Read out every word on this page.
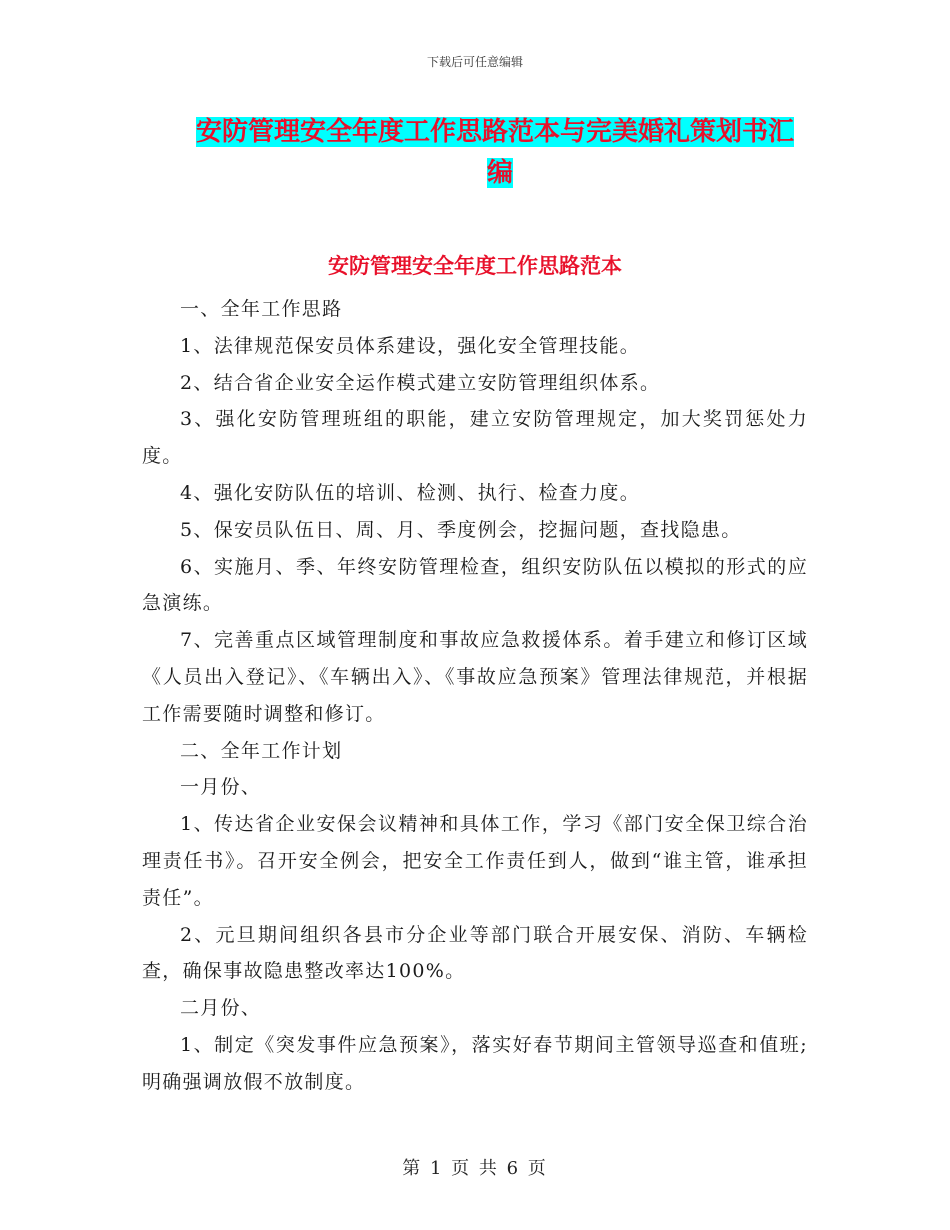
下载后可任意编辑
安防管理安全年度工作思路范本与完美婚礼策划书汇
编
安防管理安全年度工作思路范本

一、全年工作思路

1、法律规范保安员体系建设，强化安全管理技能。

2、结合省企业安全运作模式建立安防管理组织体系。

3、强化安防管理班组的职能，建立安防管理规定，加大奖罚惩处力度。

4、强化安防队伍的培训、检测、执行、检查力度。

5、保安员队伍日、周、月、季度例会，挖掘问题，查找隐患。

6、实施月、季、年终安防管理检查，组织安防队伍以模拟的形式的应急演练。

7、完善重点区域管理制度和事故应急救援体系。着手建立和修订区域《人员出入登记》、《车辆出入》、《事故应急预案》管理法律规范，并根据工作需要随时调整和修订。

二、全年工作计划

一月份、

1、传达省企业安保会议精神和具体工作，学习《部门安全保卫综合治理责任书》。召开安全例会，把安全工作责任到人，做到“谁主管，谁承担责任”。

2、元旦期间组织各县市分企业等部门联合开展安保、消防、车辆检查，确保事故隐患整改率达100%。

二月份、

1、制定《突发事件应急预案》，落实好春节期间主管领导巡查和值班;明确强调放假不放制度。

第 1 页 共 6 页
